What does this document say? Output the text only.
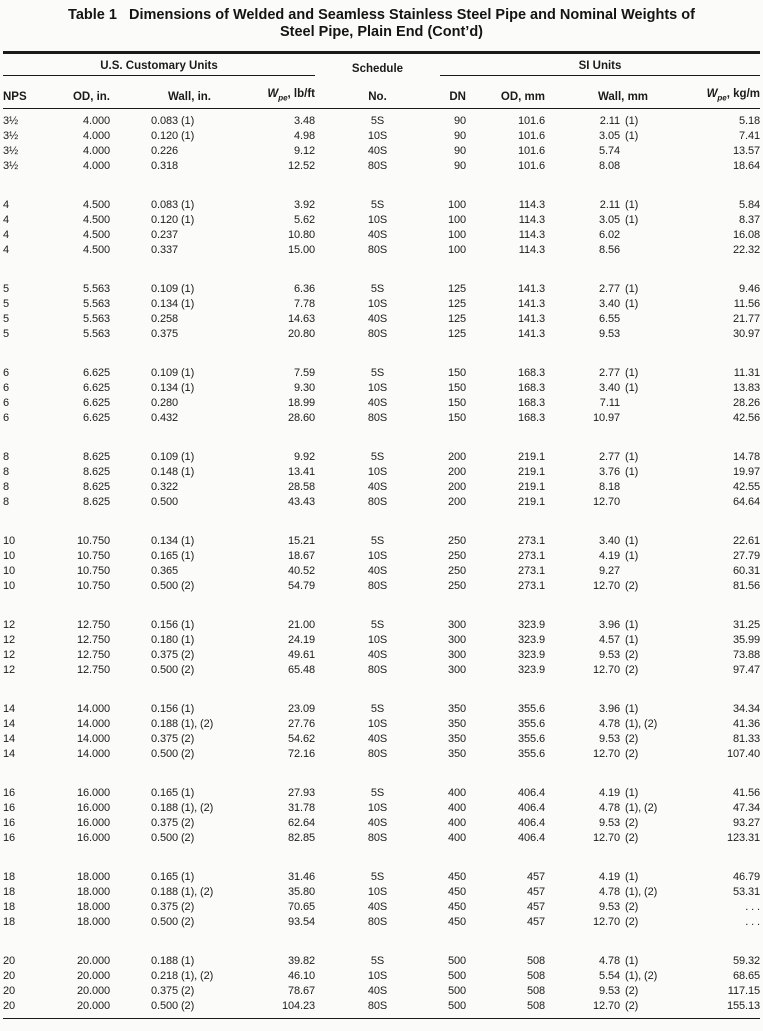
Table 1   Dimensions of Welded and Seamless Stainless Steel Pipe and Nominal Weights of
Steel Pipe, Plain End (Cont’d)
U.S. Customary Units	Schedule	SI Units
NPS	OD, in.	Wall, in.	$W_{pe}$, lb/ft	No.	DN	OD, mm	Wall, mm	$W_{pe}$, kg/m
3½	4.000	0.083 (1)	3.48	5S	90	101.6	2.11 (1)	5.18
3½	4.000	0.120 (1)	4.98	10S	90	101.6	3.05 (1)	7.41
3½	4.000	0.226	9.12	40S	90	101.6	5.74	13.57
3½	4.000	0.318	12.52	80S	90	101.6	8.08	18.64
4	4.500	0.083 (1)	3.92	5S	100	114.3	2.11 (1)	5.84
4	4.500	0.120 (1)	5.62	10S	100	114.3	3.05 (1)	8.37
4	4.500	0.237	10.80	40S	100	114.3	6.02	16.08
4	4.500	0.337	15.00	80S	100	114.3	8.56	22.32
5	5.563	0.109 (1)	6.36	5S	125	141.3	2.77 (1)	9.46
5	5.563	0.134 (1)	7.78	10S	125	141.3	3.40 (1)	11.56
5	5.563	0.258	14.63	40S	125	141.3	6.55	21.77
5	5.563	0.375	20.80	80S	125	141.3	9.53	30.97
6	6.625	0.109 (1)	7.59	5S	150	168.3	2.77 (1)	11.31
6	6.625	0.134 (1)	9.30	10S	150	168.3	3.40 (1)	13.83
6	6.625	0.280	18.99	40S	150	168.3	7.11	28.26
6	6.625	0.432	28.60	80S	150	168.3	10.97	42.56
8	8.625	0.109 (1)	9.92	5S	200	219.1	2.77 (1)	14.78
8	8.625	0.148 (1)	13.41	10S	200	219.1	3.76 (1)	19.97
8	8.625	0.322	28.58	40S	200	219.1	8.18	42.55
8	8.625	0.500	43.43	80S	200	219.1	12.70	64.64
10	10.750	0.134 (1)	15.21	5S	250	273.1	3.40 (1)	22.61
10	10.750	0.165 (1)	18.67	10S	250	273.1	4.19 (1)	27.79
10	10.750	0.365	40.52	40S	250	273.1	9.27	60.31
10	10.750	0.500 (2)	54.79	80S	250	273.1	12.70 (2)	81.56
12	12.750	0.156 (1)	21.00	5S	300	323.9	3.96 (1)	31.25
12	12.750	0.180 (1)	24.19	10S	300	323.9	4.57 (1)	35.99
12	12.750	0.375 (2)	49.61	40S	300	323.9	9.53 (2)	73.88
12	12.750	0.500 (2)	65.48	80S	300	323.9	12.70 (2)	97.47
14	14.000	0.156 (1)	23.09	5S	350	355.6	3.96 (1)	34.34
14	14.000	0.188 (1), (2)	27.76	10S	350	355.6	4.78 (1), (2)	41.36
14	14.000	0.375 (2)	54.62	40S	350	355.6	9.53 (2)	81.33
14	14.000	0.500 (2)	72.16	80S	350	355.6	12.70 (2)	107.40
16	16.000	0.165 (1)	27.93	5S	400	406.4	4.19 (1)	41.56
16	16.000	0.188 (1), (2)	31.78	10S	400	406.4	4.78 (1), (2)	47.34
16	16.000	0.375 (2)	62.64	40S	400	406.4	9.53 (2)	93.27
16	16.000	0.500 (2)	82.85	80S	400	406.4	12.70 (2)	123.31
18	18.000	0.165 (1)	31.46	5S	450	457	4.19 (1)	46.79
18	18.000	0.188 (1), (2)	35.80	10S	450	457	4.78 (1), (2)	53.31
18	18.000	0.375 (2)	70.65	40S	450	457	9.53 (2)	. . .
18	18.000	0.500 (2)	93.54	80S	450	457	12.70 (2)	. . .
20	20.000	0.188 (1)	39.82	5S	500	508	4.78 (1)	59.32
20	20.000	0.218 (1), (2)	46.10	10S	500	508	5.54 (1), (2)	68.65
20	20.000	0.375 (2)	78.67	40S	500	508	9.53 (2)	117.15
20	20.000	0.500 (2)	104.23	80S	500	508	12.70 (2)	155.13
